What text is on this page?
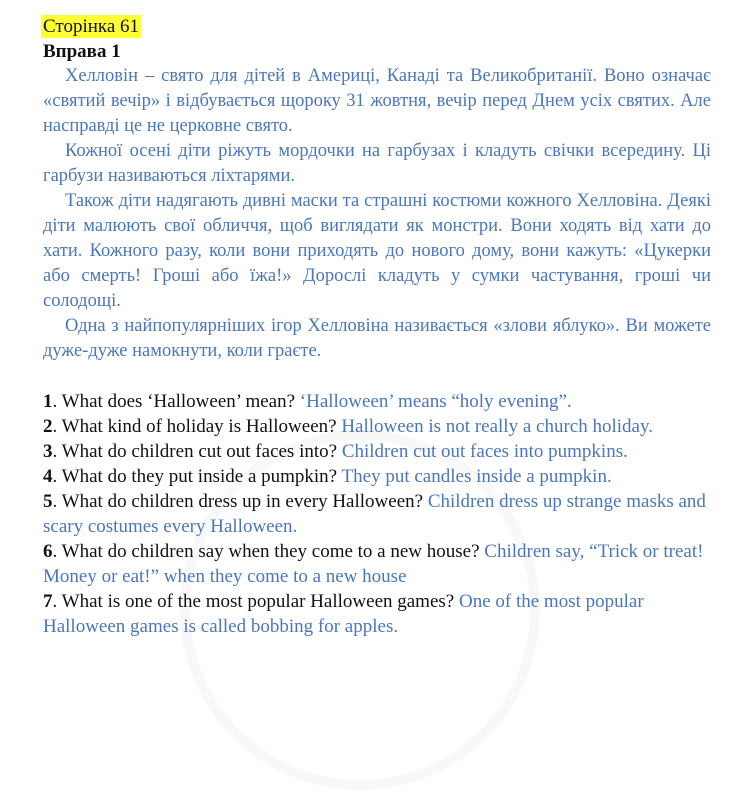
Сторінка 61
Вправа 1

Хелловін – свято для дітей в Америці, Канаді та Великобританії. Воно означає «святий вечір» і відбувається щороку 31 жовтня, вечір перед Днем усіх святих. Але насправді це не церковне свято.

Кожної осені діти ріжуть мордочки на гарбузах і кладуть свічки всередину. Ці гарбузи називаються ліхтарями.

Також діти надягають дивні маски та страшні костюми кожного Хелловіна. Деякі діти малюють свої обличчя, щоб виглядати як монстри. Вони ходять від хати до хати. Кожного разу, коли вони приходять до нового дому, вони кажуть: «Цукерки або смерть! Гроші або їжа!» Дорослі кладуть у сумки частування, гроші чи солодощі.

Одна з найпопулярніших ігор Хелловіна називається «злови яблуко». Ви можете дуже-дуже намокнути, коли граєте.

1. What does ‘Halloween’ mean? ‘Halloween’ means “holy evening”.

2. What kind of holiday is Halloween? Halloween is not really a church holiday.

3. What do children cut out faces into? Children cut out faces into pumpkins.

4. What do they put inside a pumpkin? They put candles inside a pumpkin.

5. What do children dress up in every Halloween? Children dress up strange masks and scary costumes every Halloween.

6. What do children say when they come to a new house? Children say, “Trick or treat! Money or eat!” when they come to a new house

7. What is one of the most popular Halloween games? One of the most popular Halloween games is called bobbing for apples.
